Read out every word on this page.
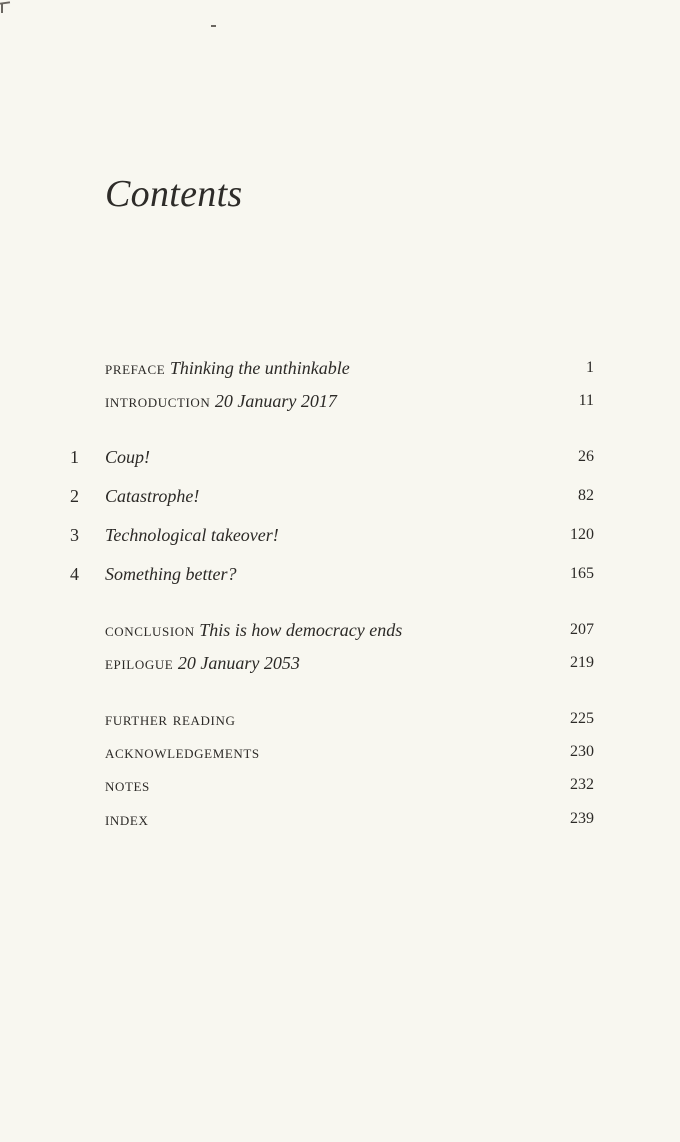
Contents
preface Thinking the unthinkable	1
introduction 20 January 2017	11
1 Coup!	26
2 Catastrophe!	82
3 Technological takeover!	120
4 Something better?	165
conclusion This is how democracy ends	207
epilogue 20 January 2053	219
further reading	225
acknowledgements	230
notes	232
index	239
